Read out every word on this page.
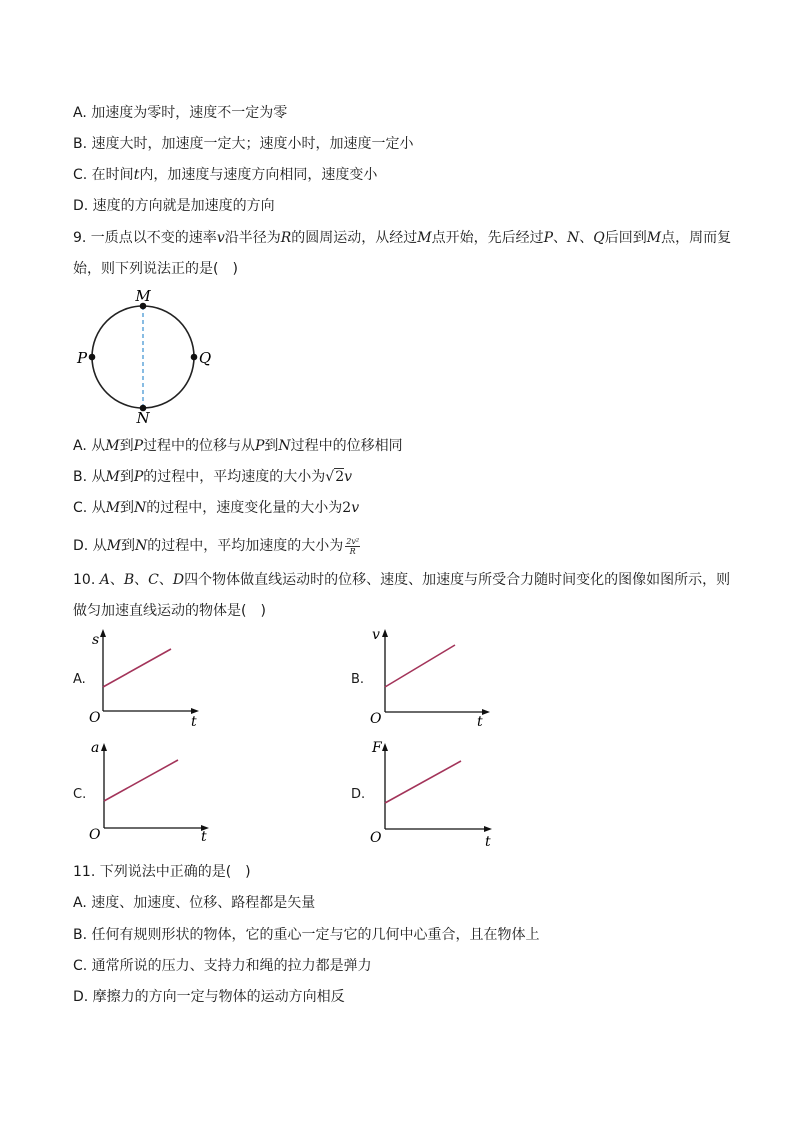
A. 加速度为零时，速度不一定为零
B. 速度大时，加速度一定大；速度小时，加速度一定小
C. 在时间t内，加速度与速度方向相同，速度变小
D. 速度的方向就是加速度的方向
9. 一质点以不变的速率v沿半径为R的圆周运动，从经过M点开始，先后经过P、N、Q后回到M点，周而复
始，则下列说法正的是(　)
M
N
P	Q
A. 从M到P过程中的位移与从P到N过程中的位移相同
B. 从M到P的过程中，平均速度的大小为√2v
C. 从M到N的过程中，速度变化量的大小为2v
D. 从M到N的过程中，平均加速度的大小为 $\frac{\text{2v²}}{R}$
10. A、B、C、D四个物体做直线运动时的位移、速度、加速度与所受合力随时间变化的图像如图所示，则
做匀加速直线运动的物体是(　)
A.
s
t
O
B.
v
t
O
C.
a
t
O
D.
F
t
O
11. 下列说法中正确的是(　)
A. 速度、加速度、位移、路程都是矢量
B. 任何有规则形状的物体，它的重心一定与它的几何中心重合，且在物体上
C. 通常所说的压力、支持力和绳的拉力都是弹力
D. 摩擦力的方向一定与物体的运动方向相反
